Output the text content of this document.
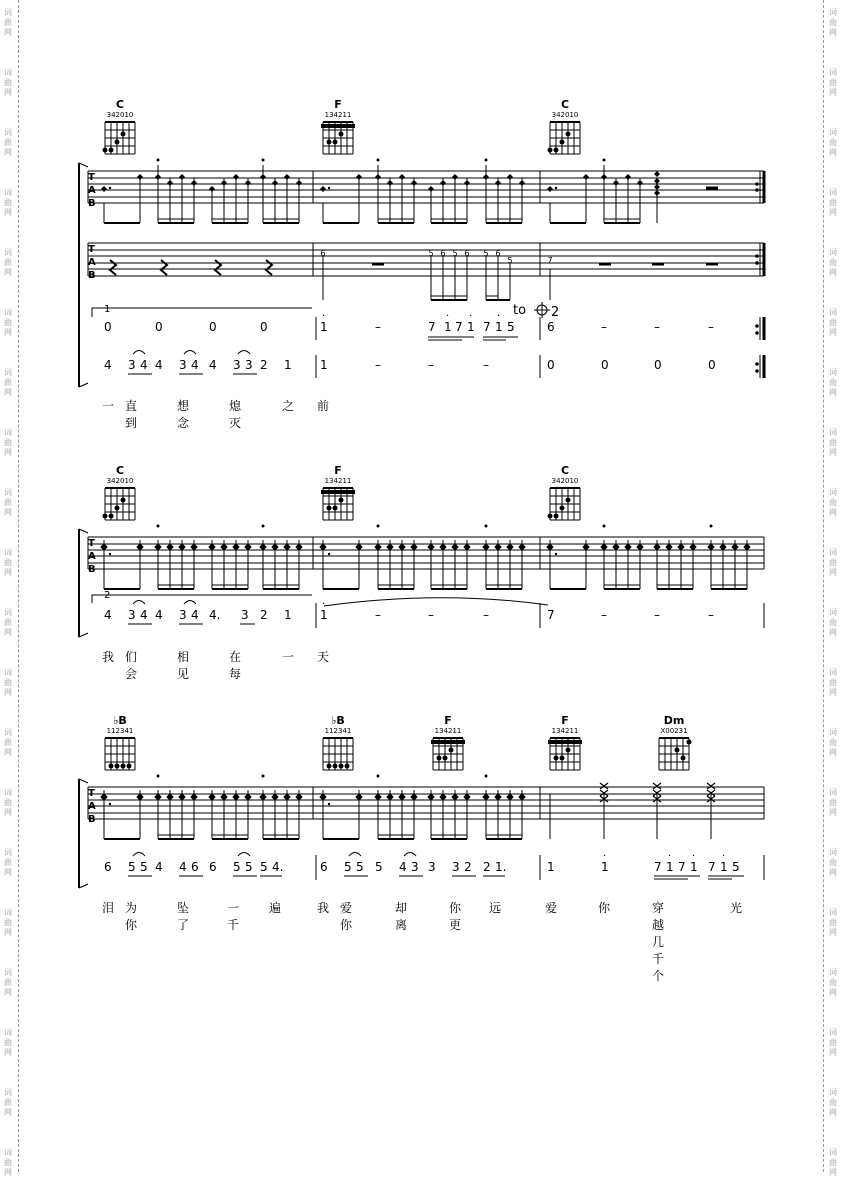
词
曲
网
词
曲
网
词
曲
网
词
曲
网
词
曲
网
词
曲
网
词
曲
网
词
曲
网
词
曲
网
词
曲
网
词
曲
网
词
曲
网
词
曲
网
词
曲
网
词
曲
网
词
曲
网
词
曲
网
词
曲
网
词
曲
网
词
曲
网
词
曲
网
词
曲
网
词
曲
网
词
曲
网
词
曲
网
词
曲
网
词
曲
网
词
曲
网
词
曲
网
词
曲
网
词
曲
网
词
曲
网
词
曲
网
词
曲
网
词
曲
网
词
曲
网
词
曲
网
词
曲
网
词
曲
网
词
曲
网
C
342010
F
134211
C
342010
6	5 6 5 6 5 6
5	7
T
A
B
T
A
B
1	to 2
0	0	0	0	1
·
–	7 1
·
7 1
·
7 1
·
5	6	–	–	–
4 3 4 4 3 4 4 3 3 2 1 1	–	–	–	0	0	0	0
一 直到
想念
熄灭
之 前
C
342010
F
134211
C
342010
T
A
B
2
4 3 4 4 3 4 4. 3 2 1 1
·
–	–	–	7	–	–	–
我 们会
相见
在每
一 天
♭B
112341
♭B
112341
F
134211
F
134211
Dm
X00231
T
A
B
6 5 5 4 4 6 6 5 5 5 4.	6 5 5 5 4 3 3 3 2 2 1.	1	1
·
7 1
·
7 1
·
7 1
·
5
泪 为你
坠了
一千
遍	我 爱你
却离
你更
远	爱	你	穿越几千个
光
